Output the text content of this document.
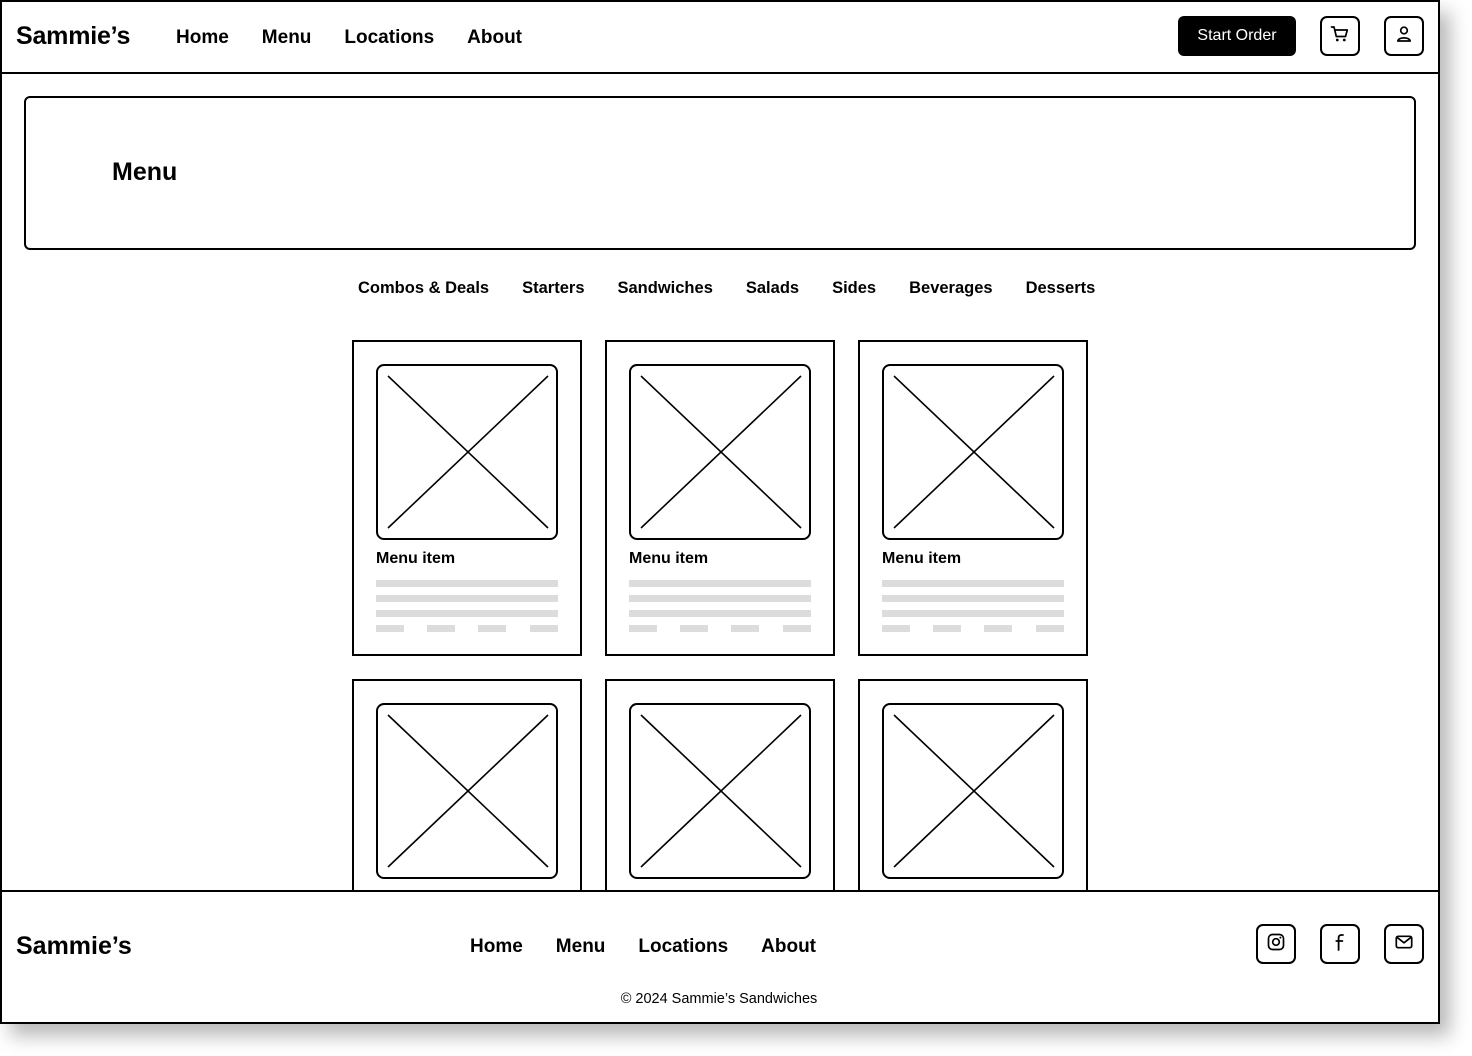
Sammie’s Home Menu Locations About	Start Order
Menu
Combos & Deals Starters Sandwiches Salads Sides Beverages Desserts
Menu item	Menu item	Menu item
Sammie’s	Home Menu Locations About
© 2024 Sammie’s Sandwiches
